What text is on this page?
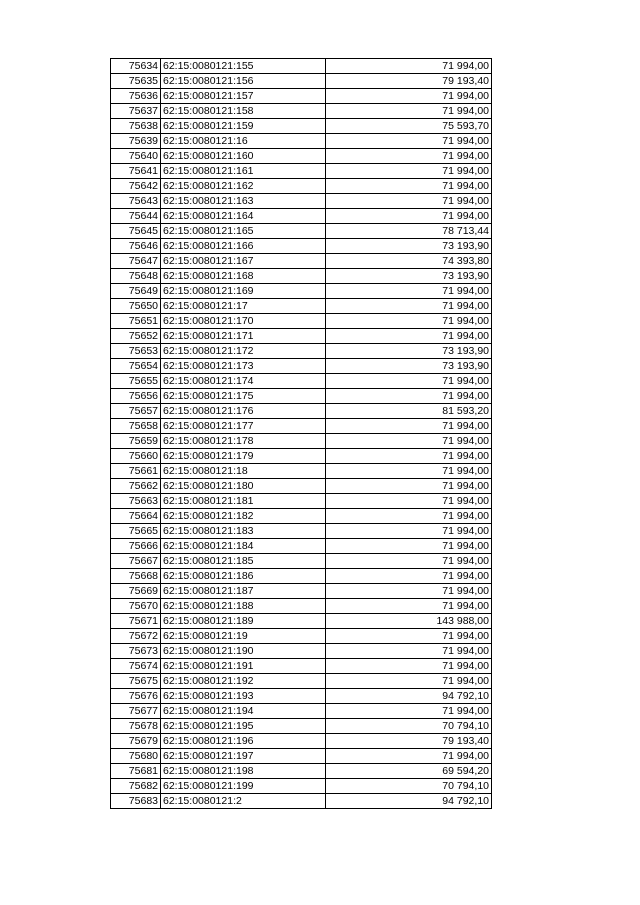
75634	62:15:0080121:155	71 994,00
75635	62:15:0080121:156	79 193,40
75636	62:15:0080121:157	71 994,00
75637	62:15:0080121:158	71 994,00
75638	62:15:0080121:159	75 593,70
75639	62:15:0080121:16	71 994,00
75640	62:15:0080121:160	71 994,00
75641	62:15:0080121:161	71 994,00
75642	62:15:0080121:162	71 994,00
75643	62:15:0080121:163	71 994,00
75644	62:15:0080121:164	71 994,00
75645	62:15:0080121:165	78 713,44
75646	62:15:0080121:166	73 193,90
75647	62:15:0080121:167	74 393,80
75648	62:15:0080121:168	73 193,90
75649	62:15:0080121:169	71 994,00
75650	62:15:0080121:17	71 994,00
75651	62:15:0080121:170	71 994,00
75652	62:15:0080121:171	71 994,00
75653	62:15:0080121:172	73 193,90
75654	62:15:0080121:173	73 193,90
75655	62:15:0080121:174	71 994,00
75656	62:15:0080121:175	71 994,00
75657	62:15:0080121:176	81 593,20
75658	62:15:0080121:177	71 994,00
75659	62:15:0080121:178	71 994,00
75660	62:15:0080121:179	71 994,00
75661	62:15:0080121:18	71 994,00
75662	62:15:0080121:180	71 994,00
75663	62:15:0080121:181	71 994,00
75664	62:15:0080121:182	71 994,00
75665	62:15:0080121:183	71 994,00
75666	62:15:0080121:184	71 994,00
75667	62:15:0080121:185	71 994,00
75668	62:15:0080121:186	71 994,00
75669	62:15:0080121:187	71 994,00
75670	62:15:0080121:188	71 994,00
75671	62:15:0080121:189	143 988,00
75672	62:15:0080121:19	71 994,00
75673	62:15:0080121:190	71 994,00
75674	62:15:0080121:191	71 994,00
75675	62:15:0080121:192	71 994,00
75676	62:15:0080121:193	94 792,10
75677	62:15:0080121:194	71 994,00
75678	62:15:0080121:195	70 794,10
75679	62:15:0080121:196	79 193,40
75680	62:15:0080121:197	71 994,00
75681	62:15:0080121:198	69 594,20
75682	62:15:0080121:199	70 794,10
75683	62:15:0080121:2	94 792,10
